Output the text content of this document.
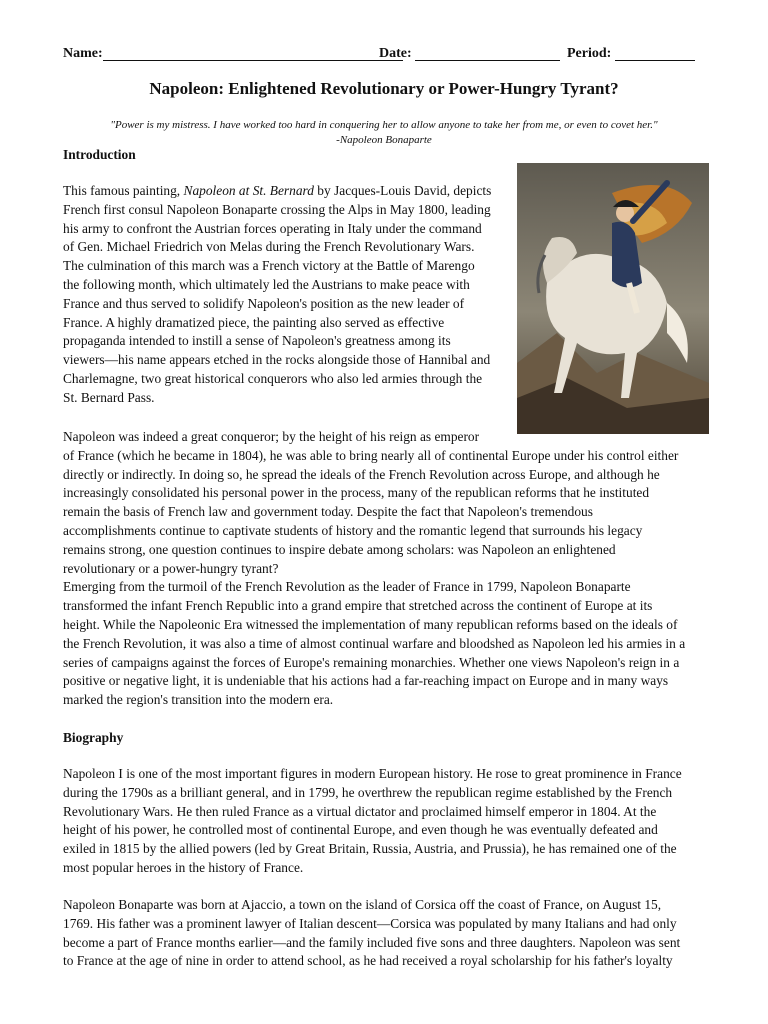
Name:	Date:	Period:
Napoleon: Enlightened Revolutionary or Power-Hungry Tyrant?
"Power is my mistress. I have worked too hard in conquering her to allow anyone to take her from me, or even to covet her."
-Napoleon Bonaparte
Introduction
This famous painting, Napoleon at St. Bernard by Jacques-Louis David, depicts
French first consul Napoleon Bonaparte crossing the Alps in May 1800, leading
his army to confront the Austrian forces operating in Italy under the command
of Gen. Michael Friedrich von Melas during the French Revolutionary Wars.
The culmination of this march was a French victory at the Battle of Marengo
the following month, which ultimately led the Austrians to make peace with
France and thus served to solidify Napoleon's position as the new leader of
France. A highly dramatized piece, the painting also served as effective
propaganda intended to instill a sense of Napoleon's greatness among its
viewers—his name appears etched in the rocks alongside those of Hannibal and
Charlemagne, two great historical conquerors who also led armies through the
St. Bernard Pass.
Napoleon was indeed a great conqueror; by the height of his reign as emperor
of France (which he became in 1804), he was able to bring nearly all of continental Europe under his control either
directly or indirectly. In doing so, he spread the ideals of the French Revolution across Europe, and although he
increasingly consolidated his personal power in the process, many of the republican reforms that he instituted
remain the basis of French law and government today. Despite the fact that Napoleon's tremendous
accomplishments continue to captivate students of history and the romantic legend that surrounds his legacy
remains strong, one question continues to inspire debate among scholars: was Napoleon an enlightened
revolutionary or a power-hungry tyrant?
Emerging from the turmoil of the French Revolution as the leader of France in 1799, Napoleon Bonaparte
transformed the infant French Republic into a grand empire that stretched across the continent of Europe at its
height. While the Napoleonic Era witnessed the implementation of many republican reforms based on the ideals of
the French Revolution, it was also a time of almost continual warfare and bloodshed as Napoleon led his armies in a
series of campaigns against the forces of Europe's remaining monarchies. Whether one views Napoleon's reign in a
positive or negative light, it is undeniable that his actions had a far-reaching impact on Europe and in many ways
marked the region's transition into the modern era.
Biography
Napoleon I is one of the most important figures in modern European history. He rose to great prominence in France
during the 1790s as a brilliant general, and in 1799, he overthrew the republican regime established by the French
Revolutionary Wars. He then ruled France as a virtual dictator and proclaimed himself emperor in 1804. At the
height of his power, he controlled most of continental Europe, and even though he was eventually defeated and
exiled in 1815 by the allied powers (led by Great Britain, Russia, Austria, and Prussia), he has remained one of the
most popular heroes in the history of France.
Napoleon Bonaparte was born at Ajaccio, a town on the island of Corsica off the coast of France, on August 15,
1769. His father was a prominent lawyer of Italian descent—Corsica was populated by many Italians and had only
become a part of France months earlier—and the family included five sons and three daughters. Napoleon was sent
to France at the age of nine in order to attend school, as he had received a royal scholarship for his father's loyalty
